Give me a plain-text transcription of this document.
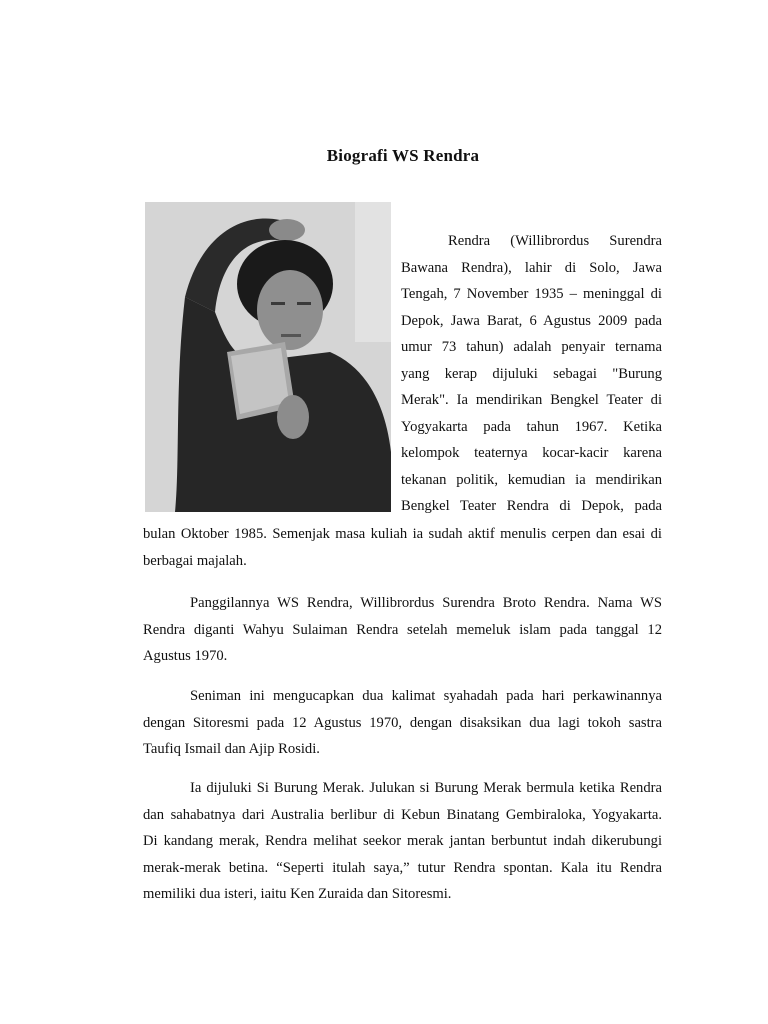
Biografi WS Rendra
Rendra (Willibrordus Surendra
Bawana Rendra), lahir di Solo, Jawa
Tengah, 7 November 1935 – meninggal di
Depok, Jawa Barat, 6 Agustus 2009 pada
umur 73 tahun) adalah penyair ternama
yang kerap dijuluki sebagai "Burung
Merak". Ia mendirikan Bengkel Teater di
Yogyakarta pada tahun 1967. Ketika
kelompok teaternya kocar-kacir karena
tekanan politik, kemudian ia mendirikan
Bengkel Teater Rendra di Depok, pada
bulan Oktober 1985. Semenjak masa kuliah ia sudah aktif menulis cerpen dan esai di
berbagai majalah.
Panggilannya WS Rendra, Willibrordus Surendra Broto Rendra. Nama WS
Rendra diganti Wahyu Sulaiman Rendra setelah memeluk islam pada tanggal 12
Agustus 1970.
Seniman ini mengucapkan dua kalimat syahadah pada hari perkawinannya
dengan Sitoresmi pada 12 Agustus 1970, dengan disaksikan dua lagi tokoh sastra
Taufiq Ismail dan Ajip Rosidi.
Ia dijuluki Si Burung Merak. Julukan si Burung Merak bermula ketika Rendra
dan sahabatnya dari Australia berlibur di Kebun Binatang Gembiraloka, Yogyakarta.
Di kandang merak, Rendra melihat seekor merak jantan berbuntut indah dikerubungi
merak-merak betina. “Seperti itulah saya,” tutur Rendra spontan. Kala itu Rendra
memiliki dua isteri, iaitu Ken Zuraida dan Sitoresmi.
